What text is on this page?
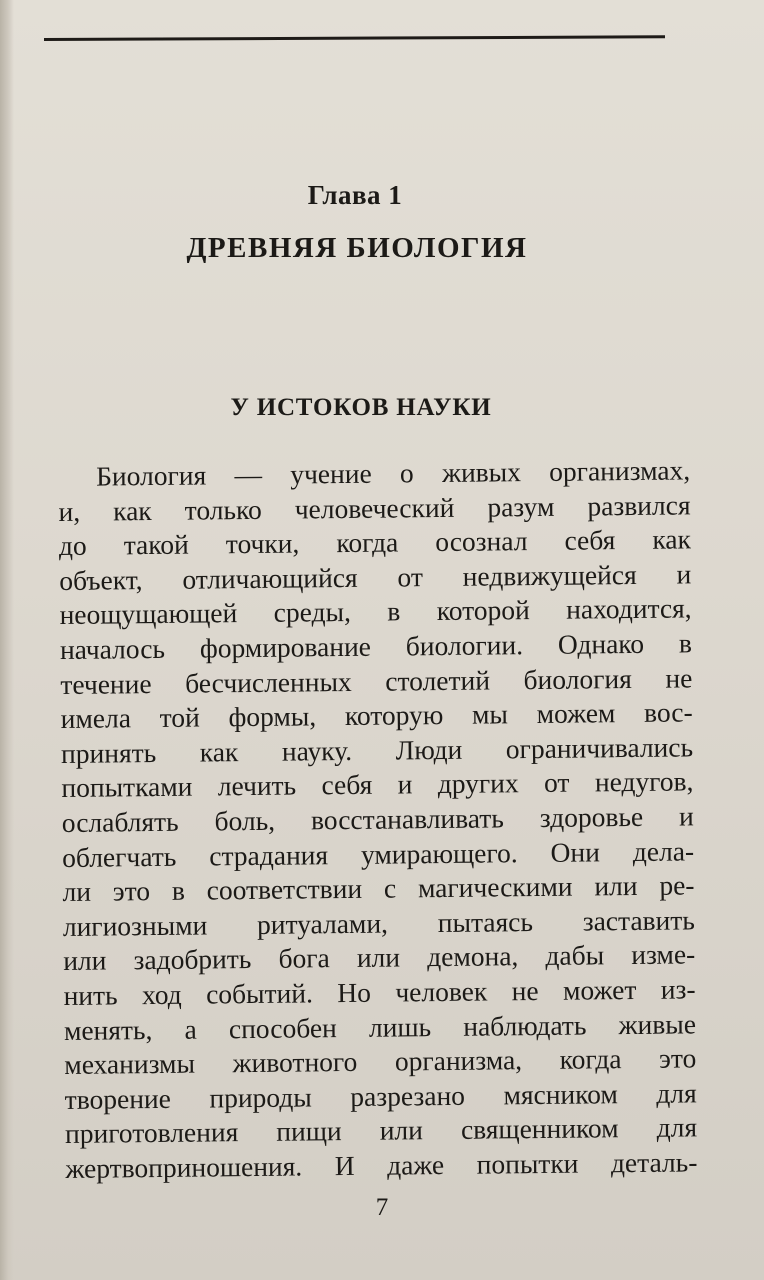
Глава 1
ДРЕВНЯЯ БИОЛОГИЯ
У ИСТОКОВ НАУКИ
Биология — учение о живых организмах,
и, как только человеческий разум развился
до такой точки, когда осознал себя как
объект, отличающийся от недвижущейся и
неощущающей среды, в которой находится,
началось формирование биологии. Однако в
течение бесчисленных столетий биология не
имела той формы, которую мы можем вос-
принять как науку. Люди ограничивались
попытками лечить себя и других от недугов,
ослаблять боль, восстанавливать здоровье и
облегчать страдания умирающего. Они дела-
ли это в соответствии с магическими или ре-
лигиозными ритуалами, пытаясь заставить
или задобрить бога или демона, дабы изме-
нить ход событий. Но человек не может из-
менять, а способен лишь наблюдать живые
механизмы животного организма, когда это
творение природы разрезано мясником для
приготовления пищи или священником для
жертвоприношения. И даже попытки деталь-
7
